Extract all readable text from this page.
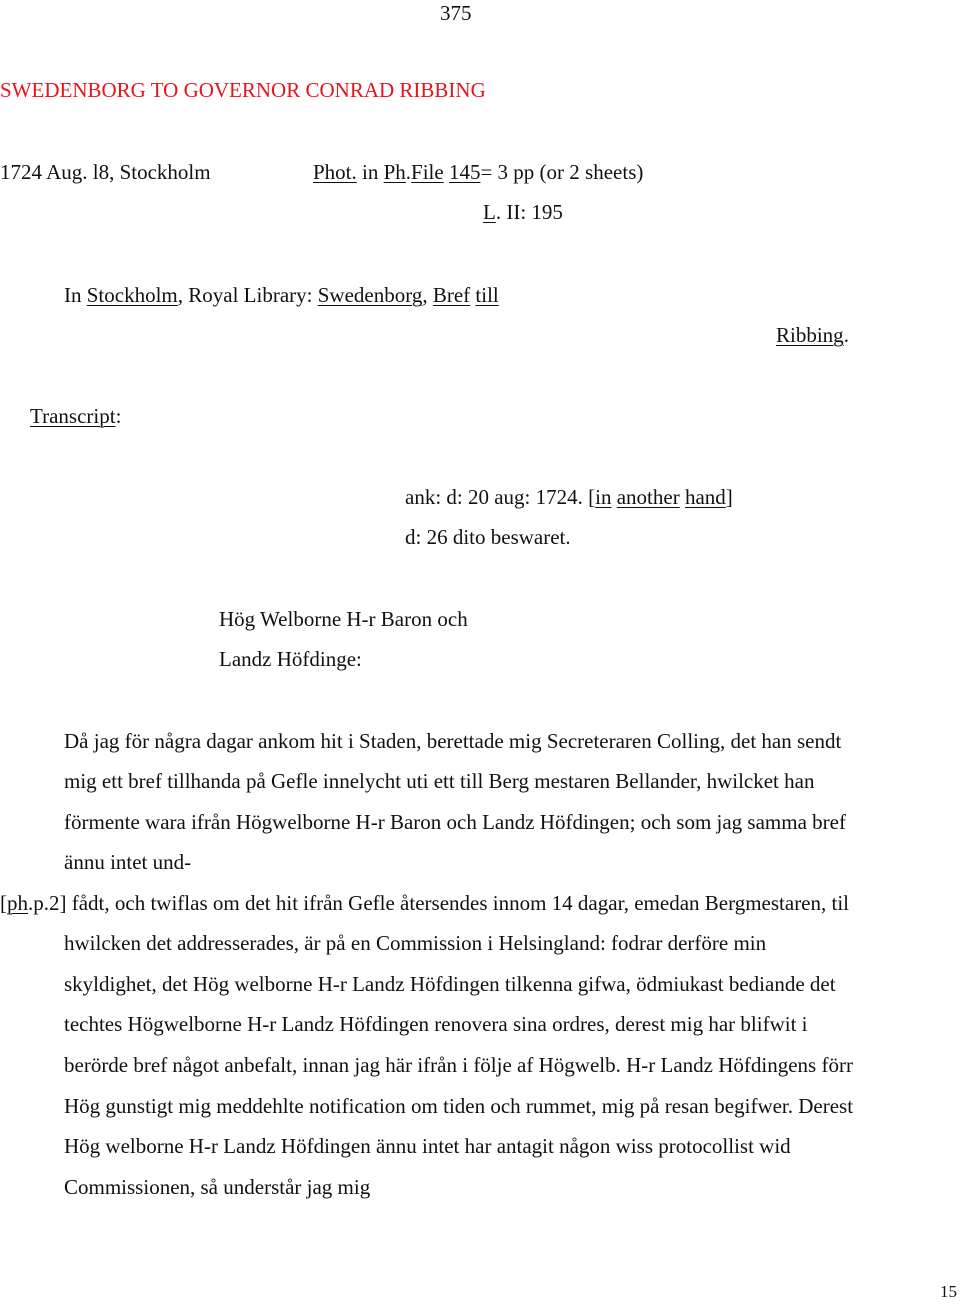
375
SWEDENBORG TO GOVERNOR CONRAD RIBBING
1724 Aug. l8, Stockholm	Phot. in Ph.File 145= 3 pp (or 2 sheets)
L. II: 195
In Stockholm, Royal Library: Swedenborg, Bref till
Ribbing.
Transcript:
ank: d: 20 aug: 1724. [in another hand]
d: 26 dito beswaret.
Hög Welborne H-r Baron och
Landz Höfdinge:
Då jag för några dagar ankom hit i Staden, berettade mig Secreteraren Colling, det han sendt
mig ett bref tillhanda på Gefle innelycht uti ett till Berg mestaren Bellander, hwilcket han
förmente wara ifrån Högwelborne H-r Baron och Landz Höfdingen; och som jag samma bref
ännu intet und-
[ph.p.2] fådt, och twiflas om det hit ifrån Gefle återsendes innom 14 dagar, emedan Bergmestaren, til
hwilcken det addresserades, är på en Commission i Helsingland: fodrar derföre min
skyldighet, det Hög welborne H-r Landz Höfdingen tilkenna gifwa, ödmiukast bediande det
techtes Högwelborne H-r Landz Höfdingen renovera sina ordres, derest mig har blifwit i
berörde bref något anbefalt, innan jag här ifrån i följe af Högwelb. H-r Landz Höfdingens förr
Hög gunstigt mig meddehlte notification om tiden och rummet, mig på resan begifwer. Derest
Hög welborne H-r Landz Höfdingen ännu intet har antagit någon wiss protocollist wid
Commissionen, så understår jag mig
15
